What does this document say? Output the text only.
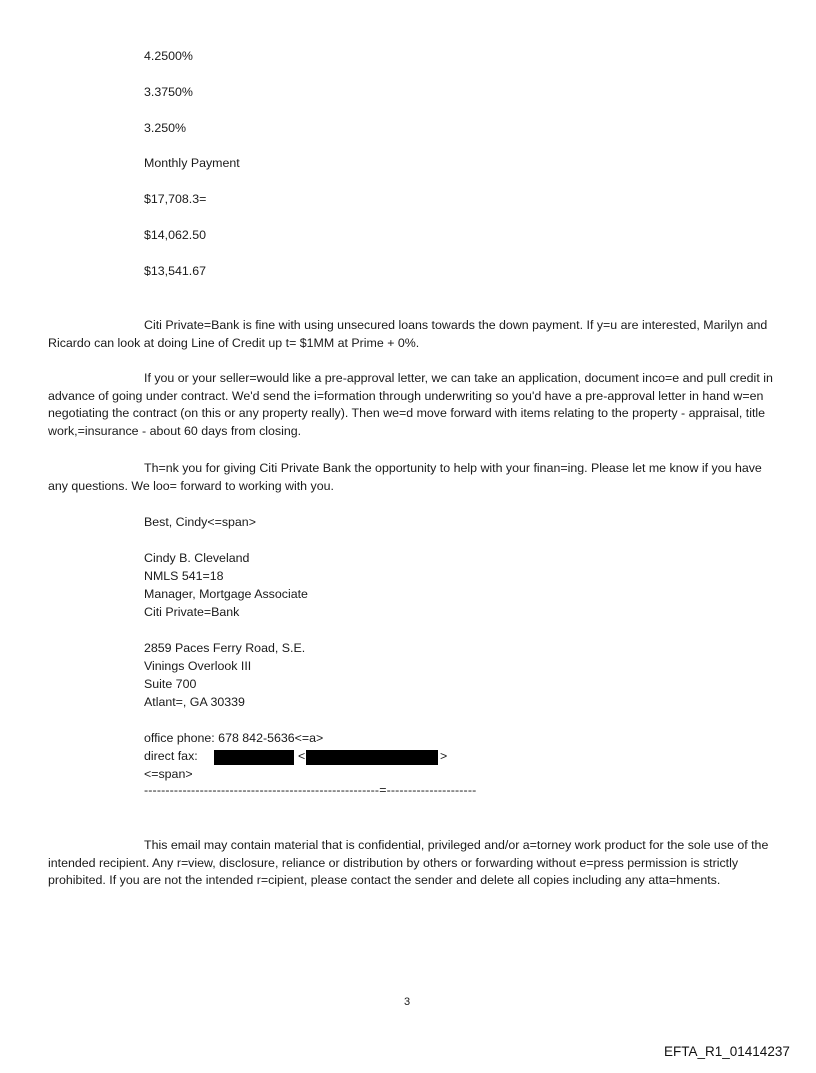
4.2500%
3.3750%
3.250%
Monthly Payment
$17,708.3=
$14,062.50
$13,541.67
Citi Private=Bank is fine with using unsecured loans towards the down payment. If y=u are interested, Marilyn and Ricardo can look at doing Line of Credit up t= $1MM at Prime + 0%.
If you or your seller=would like a pre-approval letter, we can take an application, document inco=e and pull credit in advance of going under contract. We'd send the i=formation through underwriting so you'd have a pre-approval letter in hand w=en negotiating the contract (on this or any property really). Then we=d move forward with items relating to the property - appraisal, title work,=insurance - about 60 days from closing.
Th=nk you for giving Citi Private Bank the opportunity to help with your finan=ing. Please let me know if you have any questions. We loo= forward to working with you.
Best, Cindy<=span>
Cindy B. Cleveland
NMLS 541=18
Manager, Mortgage Associate
Citi Private=Bank
2859 Paces Ferry Road, S.E.
Vinings Overlook III
Suite 700
Atlant=, GA 30339
office phone: 678 842-5636<=a>
direct fax:	<	>
<=span>
-------------------------------------------------------=---------------------
This email may contain material that is confidential, privileged and/or a=torney work product for the sole use of the intended recipient. Any r=view, disclosure, reliance or distribution by others or forwarding without e=press permission is strictly prohibited. If you are not the intended r=cipient, please contact the sender and delete all copies including any atta=hments.
3
EFTA_R1_01414237
